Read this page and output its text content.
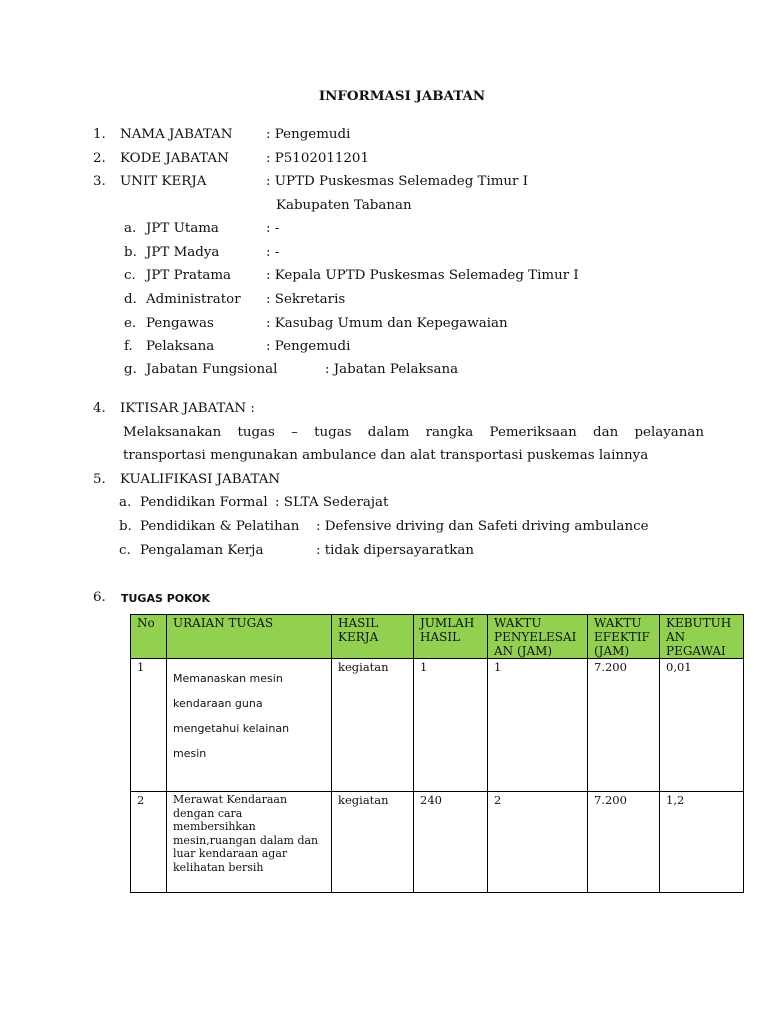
INFORMASI JABATAN
1. NAMA JABATAN	: Pengemudi
2. KODE JABATAN	: P5102011201
3. UNIT KERJA	: UPTD Puskesmas Selemadeg Timur I
Kabupaten Tabanan
a. JPT Utama	: -
b. JPT Madya	: -
c. JPT Pratama	: Kepala UPTD Puskesmas Selemadeg Timur I
d. Administrator : Sekretaris
e. Pengawas	: Kasubag Umum dan Kepegawaian
f. Pelaksana	: Pengemudi
g. Jabatan Fungsional	: Jabatan Pelaksana
4. IKTISAR JABATAN :
Melaksanakan tugas – tugas dalam rangka Pemeriksaan dan pelayanan
transportasi mengunakan ambulance dan alat transportasi puskemas lainnya
5. KUALIFIKASI JABATAN
a. Pendidikan Formal : SLTA Sederajat
b. Pendidikan & Pelatihan : Defensive driving dan Safeti driving ambulance
c. Pengalaman Kerja	: tidak dipersayaratkan
6. TUGAS POKOK
No	URAIAN TUGAS	HASIL KERJA	JUMLAH HASIL	WAKTU PENYELESAI AN (JAM)	WAKTU EFEKTIF (JAM)	KEBUTUH AN PEGAWAI
1	Memanaskan mesin kendaraan guna mengetahui kelainan mesin	kegiatan	1	1	7.200	0,01
2	Merawat Kendaraan dengan cara membersihkan mesin,ruangan dalam dan luar kendaraan agar kelihatan bersih	kegiatan	240	2	7.200	1,2
